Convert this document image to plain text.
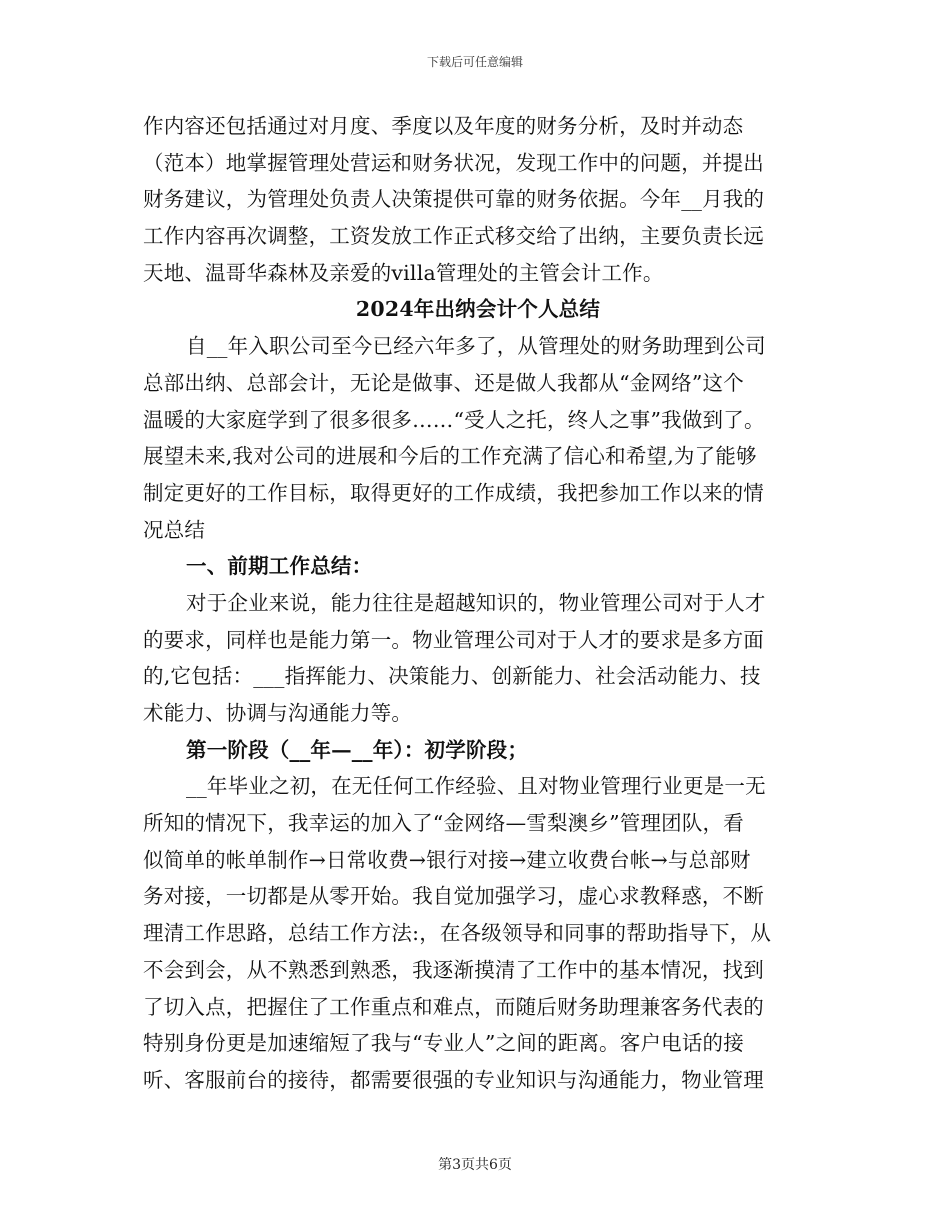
下载后可任意编辑
作内容还包括通过对月度、季度以及年度的财务分析，及时并动态
（范本）地掌握管理处营运和财务状况，发现工作中的问题，并提出
财务建议，为管理处负责人决策提供可靠的财务依据。今年__月我的
工作内容再次调整，工资发放工作正式移交给了出纳，主要负责长远
天地、温哥华森林及亲爱的villa管理处的主管会计工作。
2024年出纳会计个人总结
自__年入职公司至今已经六年多了，从管理处的财务助理到公司
总部出纳、总部会计，无论是做事、还是做人我都从“金网络”这个
温暖的大家庭学到了很多很多……“受人之托，终人之事”我做到了。
展望未来,我对公司的进展和今后的工作充满了信心和希望,为了能够
制定更好的工作目标，取得更好的工作成绩，我把参加工作以来的情
况总结
一、前期工作总结：
对于企业来说，能力往往是超越知识的，物业管理公司对于人才
的要求，同样也是能力第一。物业管理公司对于人才的要求是多方面
的,它包括：___指挥能力、决策能力、创新能力、社会活动能力、技
术能力、协调与沟通能力等。
第一阶段（__年—__年）：初学阶段；
__年毕业之初，在无任何工作经验、且对物业管理行业更是一无
所知的情况下，我幸运的加入了“金网络—雪梨澳乡”管理团队，看
似简单的帐单制作→日常收费→银行对接→建立收费台帐→与总部财
务对接，一切都是从零开始。我自觉加强学习，虚心求教释惑，不断
理清工作思路，总结工作方法:，在各级领导和同事的帮助指导下，从
不会到会，从不熟悉到熟悉，我逐渐摸清了工作中的基本情况，找到
了切入点，把握住了工作重点和难点，而随后财务助理兼客务代表的
特别身份更是加速缩短了我与“专业人”之间的距离。客户电话的接
听、客服前台的接待，都需要很强的专业知识与沟通能力，物业管理
第3页共6页
